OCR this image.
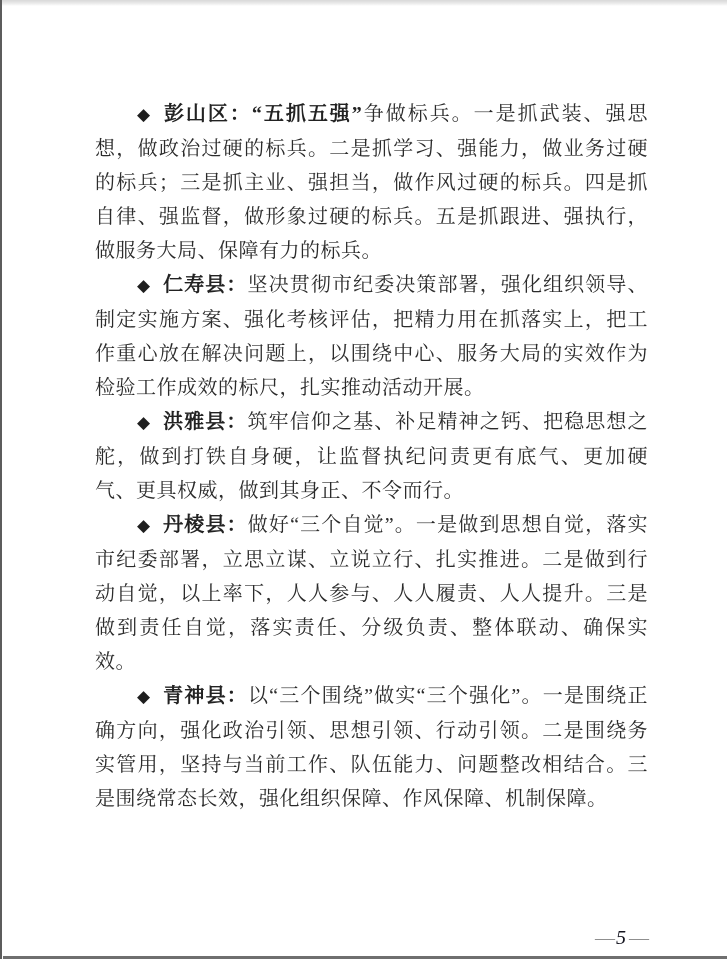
◆ 彭山区：“五抓五强”争做标兵。一是抓武装、强思想，做政治过硬的标兵。二是抓学习、强能力，做业务过硬的标兵；三是抓主业、强担当，做作风过硬的标兵。四是抓自律、强监督，做形象过硬的标兵。五是抓跟进、强执行，做服务大局、保障有力的标兵。

◆ 仁寿县：坚决贯彻市纪委决策部署，强化组织领导、制定实施方案、强化考核评估，把精力用在抓落实上，把工作重心放在解决问题上，以围绕中心、服务大局的实效作为检验工作成效的标尺，扎实推动活动开展。

◆ 洪雅县：筑牢信仰之基、补足精神之钙、把稳思想之舵，做到打铁自身硬，让监督执纪问责更有底气、更加硬气、更具权威，做到其身正、不令而行。

◆ 丹棱县：做好“三个自觉”。一是做到思想自觉，落实市纪委部署，立思立谋、立说立行、扎实推进。二是做到行动自觉，以上率下，人人参与、人人履责、人人提升。三是做到责任自觉，落实责任、分级负责、整体联动、确保实效。

◆ 青神县：以“三个围绕”做实“三个强化”。一是围绕正确方向，强化政治引领、思想引领、行动引领。二是围绕务实管用，坚持与当前工作、队伍能力、问题整改相结合。三是围绕常态长效，强化组织保障、作风保障、机制保障。

— 5 —
